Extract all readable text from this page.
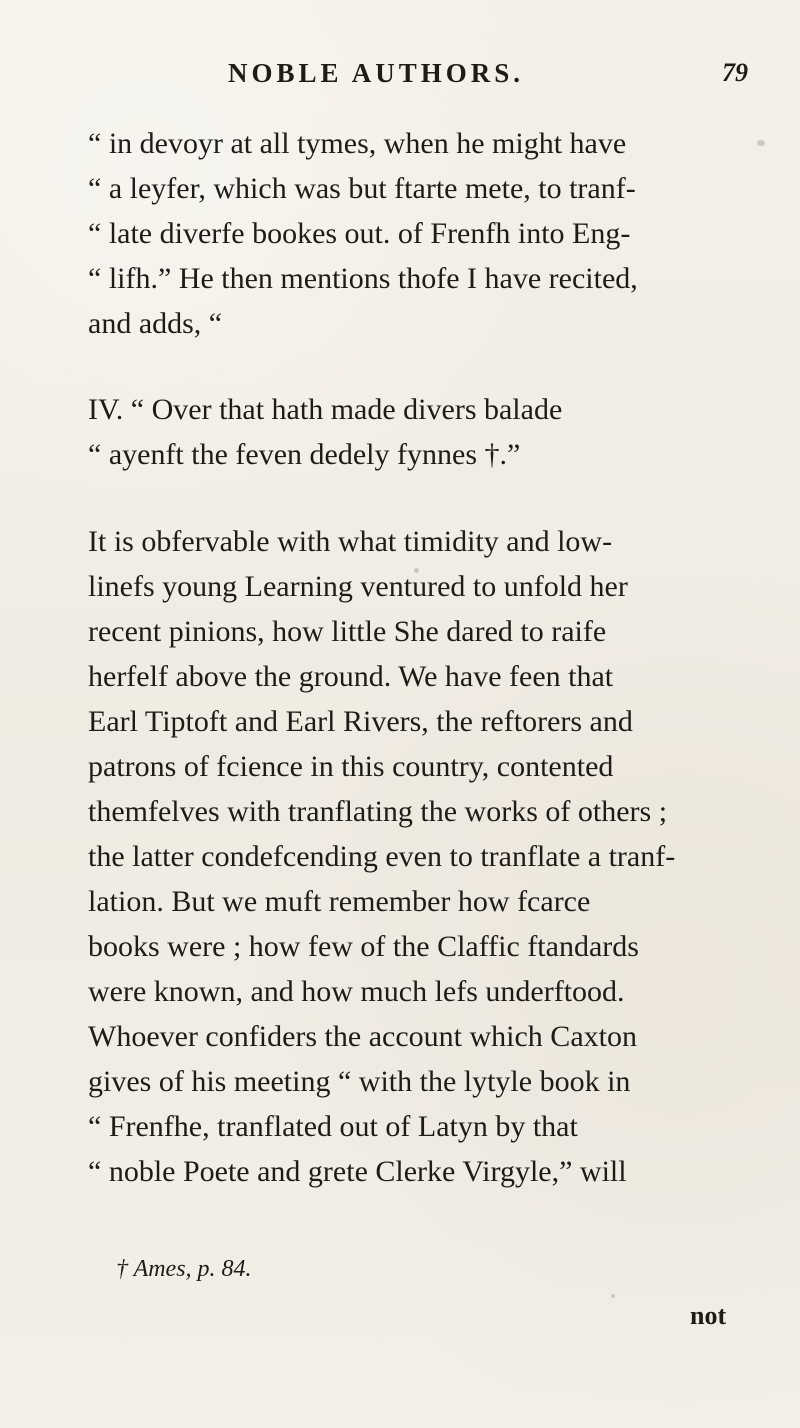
NOBLE AUTHORS.	79
“ in devoyr at all tymes, when he might have
“ a leyfer, which was but ftarte mete, to tranf-
“ late diverfe bookes out. of Frenfh into Eng-
“ lifh.” He then mentions thofe I have recited,
and adds, “
IV. “ Over that hath made divers balade
“ ayenft the feven dedely fynnes †.”
It is obfervable with what timidity and low-
linefs young Learning ventured to unfold her
recent pinions, how little She dared to raife
herfelf above the ground. We have feen that
Earl Tiptoft and Earl Rivers, the reftorers and
patrons of fcience in this country, contented
themfelves with tranflating the works of others ;
the latter condefcending even to tranflate a tranf-
lation. But we muft remember how fcarce
books were ; how few of the Claffic ftandards
were known, and how much lefs underftood.
Whoever confiders the account which Caxton
gives of his meeting “ with the lytyle book in
“ Frenfhe, tranflated out of Latyn by that
“ noble Poete and grete Clerke Virgyle,” will
† Ames, p. 84.
not
